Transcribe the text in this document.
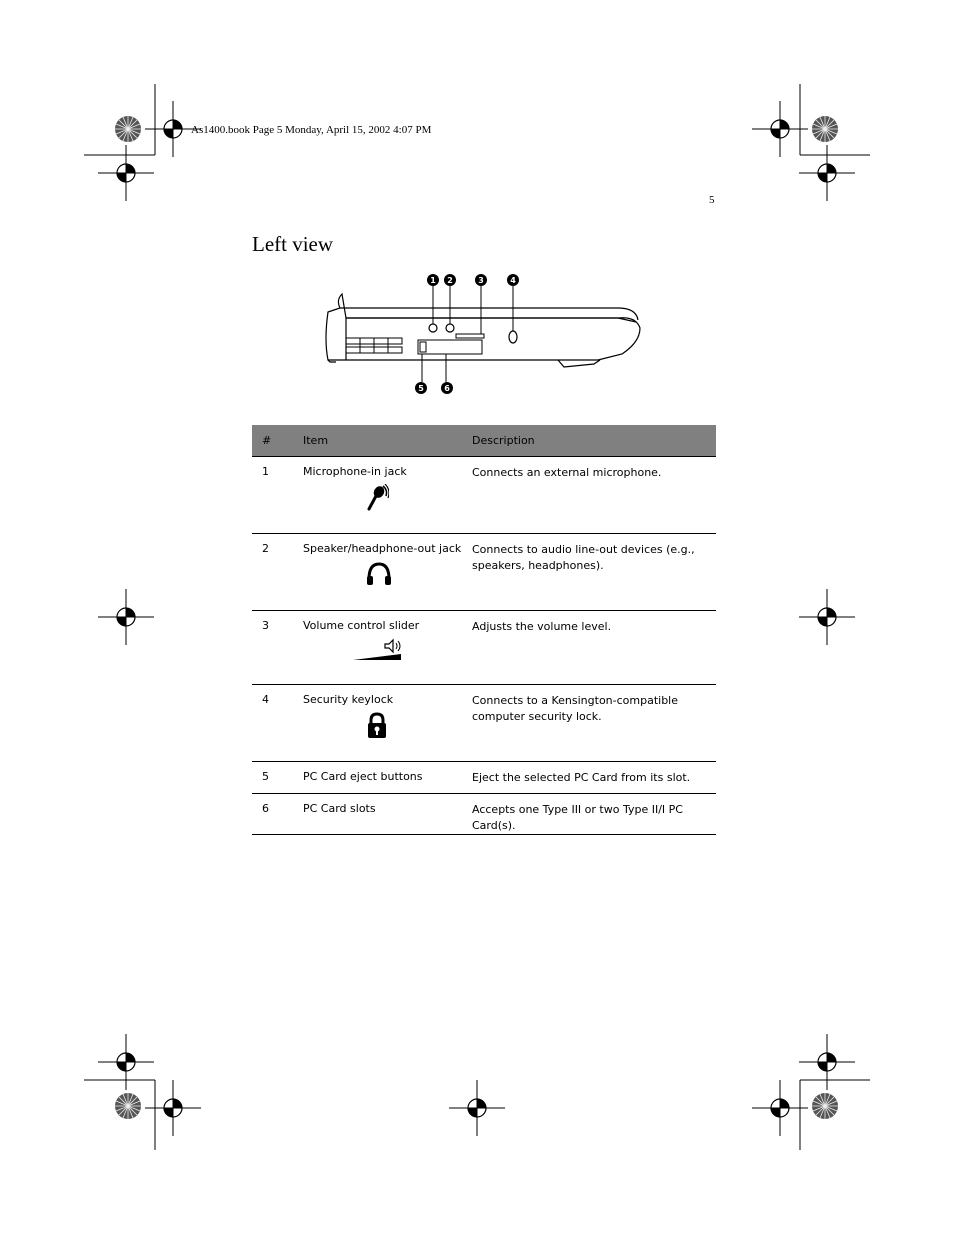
As1400.book Page 5 Monday, April 15, 2002 4:07 PM
5
Left view
1 2	3	4
5	6
#	Item	Description
1	Microphone-in jack	Connects an external microphone.

2	Speaker/headphone-out jack	Connects to audio line-out devices (e.g., speakers, headphones).

3	Volume control slider	Adjusts the volume level.

4	Security keylock	Connects to a Kensington-compatible computer security lock.

5	PC Card eject buttons	Eject the selected PC Card from its slot.

6	PC Card slots	Accepts one Type III or two Type II/I PC Card(s).
